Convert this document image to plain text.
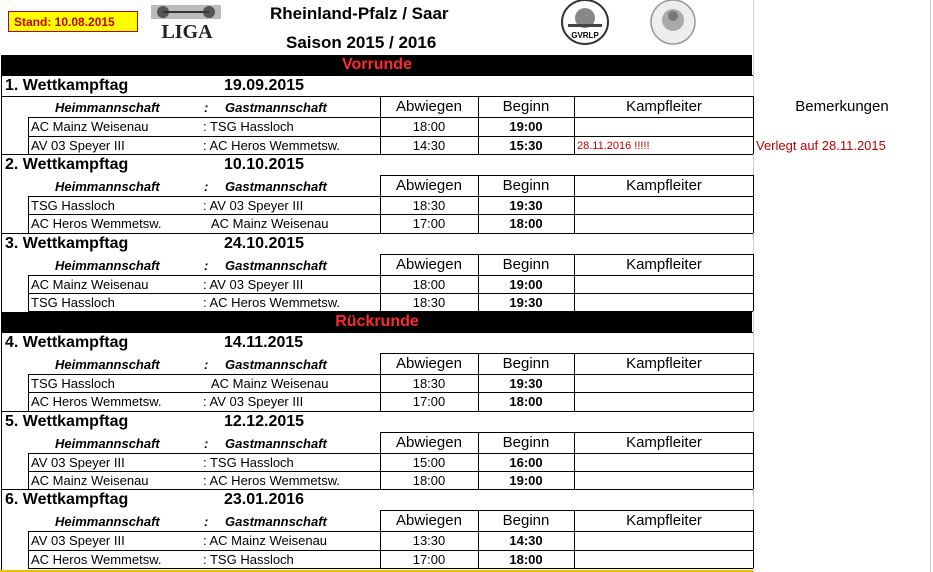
Stand: 10.08.2015	LIGA
Rheinland-Pfalz / Saar
Saison 2015 / 2016	GVRLP
Vorrunde
Rückrunde
1. Wettkampftag	19.09.2015
Heimmannschaft	: Gastmannschaft	Abwiegen	Beginn	Kampfleiter	Bemerkungen
AC Mainz Weisenau	: TSG Hassloch	18:00	19:00
AV 03 Speyer III	: AC Heros Wemmetsw.	14:30	15:30	28.11.2016 !!!!!	Verlegt auf 28.11.2015
2. Wettkampftag	10.10.2015
Heimmannschaft	: Gastmannschaft	Abwiegen	Beginn	Kampfleiter
TSG Hassloch	: AV 03 Speyer III	18:30	19:30
AC Heros Wemmetsw.	AC Mainz Weisenau	17:00	18:00
3. Wettkampftag	24.10.2015
Heimmannschaft	: Gastmannschaft	Abwiegen	Beginn	Kampfleiter
AC Mainz Weisenau	: AV 03 Speyer III	18:00	19:00
TSG Hassloch	: AC Heros Wemmetsw.	18:30	19:30
4. Wettkampftag	14.11.2015
Heimmannschaft	: Gastmannschaft	Abwiegen	Beginn	Kampfleiter
TSG Hassloch	AC Mainz Weisenau	18:30	19:30
AC Heros Wemmetsw.	: AV 03 Speyer III	17:00	18:00
5. Wettkampftag	12.12.2015
Heimmannschaft	: Gastmannschaft	Abwiegen	Beginn	Kampfleiter
AV 03 Speyer III	: TSG Hassloch	15:00	16:00
AC Mainz Weisenau	: AC Heros Wemmetsw.	18:00	19:00
6. Wettkampftag	23.01.2016
Heimmannschaft	: Gastmannschaft	Abwiegen	Beginn	Kampfleiter
AV 03 Speyer III	: AC Mainz Weisenau	13:30	14:30
AC Heros Wemmetsw.	: TSG Hassloch	17:00	18:00
